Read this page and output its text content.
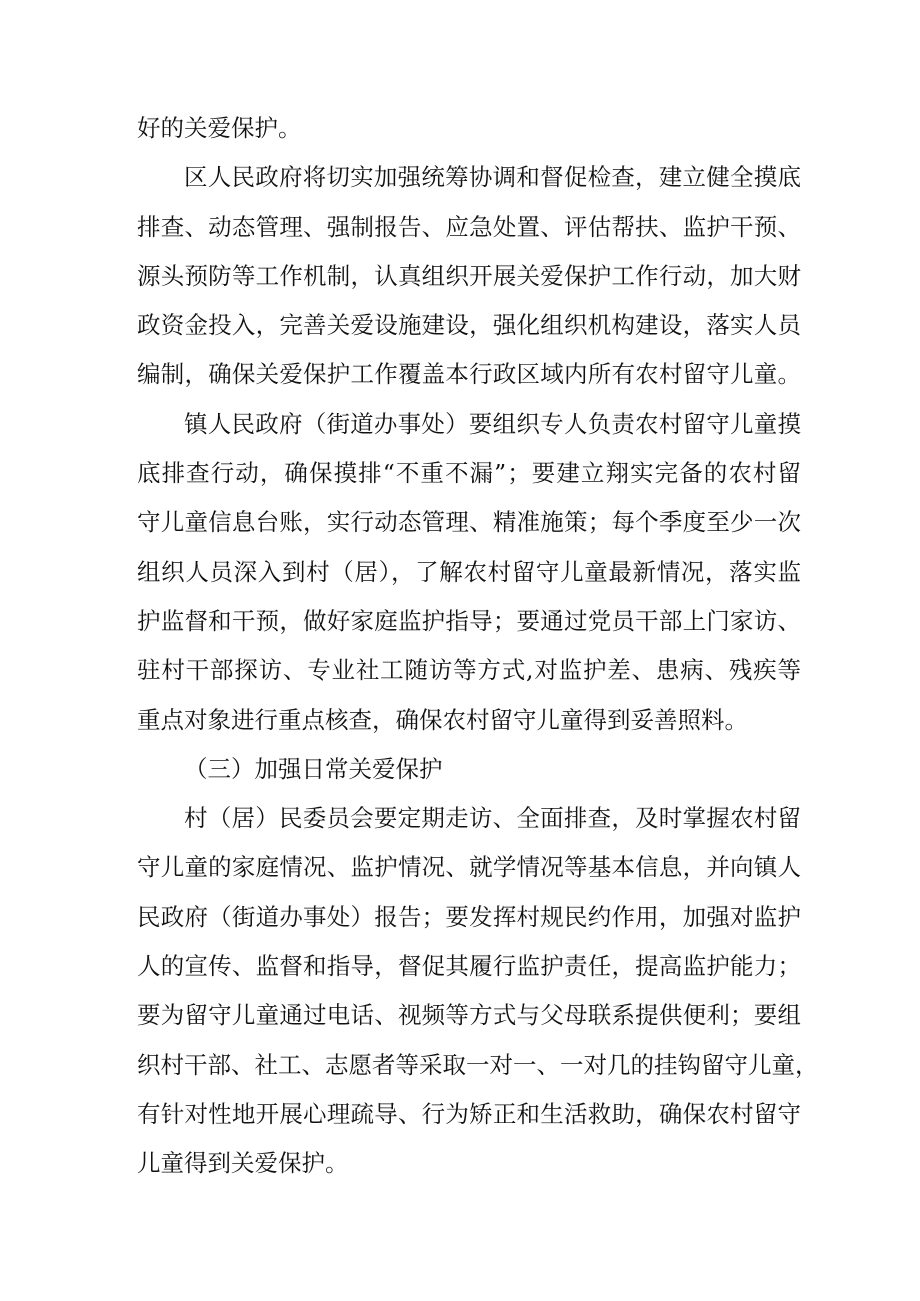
好的关爱保护。
区人民政府将切实加强统筹协调和督促检查，建立健全摸底
排查、动态管理、强制报告、应急处置、评估帮扶、监护干预、
源头预防等工作机制，认真组织开展关爱保护工作行动，加大财
政资金投入，完善关爱设施建设，强化组织机构建设，落实人员
编制，确保关爱保护工作覆盖本行政区域内所有农村留守儿童。
镇人民政府（街道办事处）要组织专人负责农村留守儿童摸
底排查行动，确保摸排“不重不漏”；要建立翔实完备的农村留
守儿童信息台账，实行动态管理、精准施策；每个季度至少一次
组织人员深入到村（居），了解农村留守儿童最新情况，落实监
护监督和干预，做好家庭监护指导；要通过党员干部上门家访、
驻村干部探访、专业社工随访等方式,对监护差、患病、残疾等
重点对象进行重点核查，确保农村留守儿童得到妥善照料。
（三）加强日常关爱保护
村（居）民委员会要定期走访、全面排查，及时掌握农村留
守儿童的家庭情况、监护情况、就学情况等基本信息，并向镇人
民政府（街道办事处）报告；要发挥村规民约作用，加强对监护
人的宣传、监督和指导，督促其履行监护责任，提高监护能力；
要为留守儿童通过电话、视频等方式与父母联系提供便利；要组
织村干部、社工、志愿者等采取一对一、一对几的挂钩留守儿童，
有针对性地开展心理疏导、行为矫正和生活救助，确保农村留守
儿童得到关爱保护。
